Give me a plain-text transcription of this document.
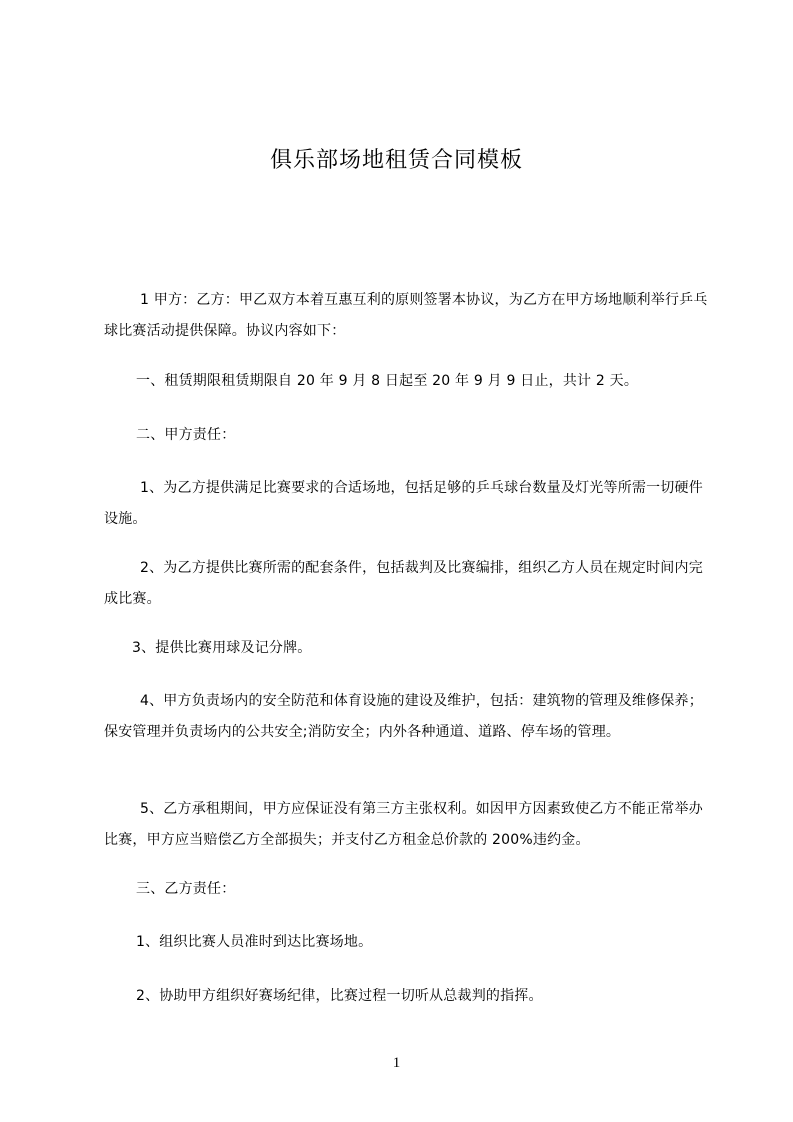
俱乐部场地租赁合同模板
1 甲方：乙方：甲乙双方本着互惠互利的原则签署本协议，为乙方在甲方场地顺利举行乒乓球比赛活动提供保障。协议内容如下：
一、租赁期限租赁期限自 20 年 9 月 8 日起至 20 年 9 月 9 日止，共计 2 天。
二、甲方责任：
1、为乙方提供满足比赛要求的合适场地，包括足够的乒乓球台数量及灯光等所需一切硬件设施。
2、为乙方提供比赛所需的配套条件，包括裁判及比赛编排，组织乙方人员在规定时间内完成比赛。
3、提供比赛用球及记分牌。
4、甲方负责场内的安全防范和体育设施的建设及维护，包括：建筑物的管理及维修保养；保安管理并负责场内的公共安全;消防安全；内外各种通道、道路、停车场的管理。
5、乙方承租期间，甲方应保证没有第三方主张权利。如因甲方因素致使乙方不能正常举办比赛，甲方应当赔偿乙方全部损失；并支付乙方租金总价款的 200%违约金。
三、乙方责任：
1、组织比赛人员准时到达比赛场地。
2、协助甲方组织好赛场纪律，比赛过程一切听从总裁判的指挥。
1
